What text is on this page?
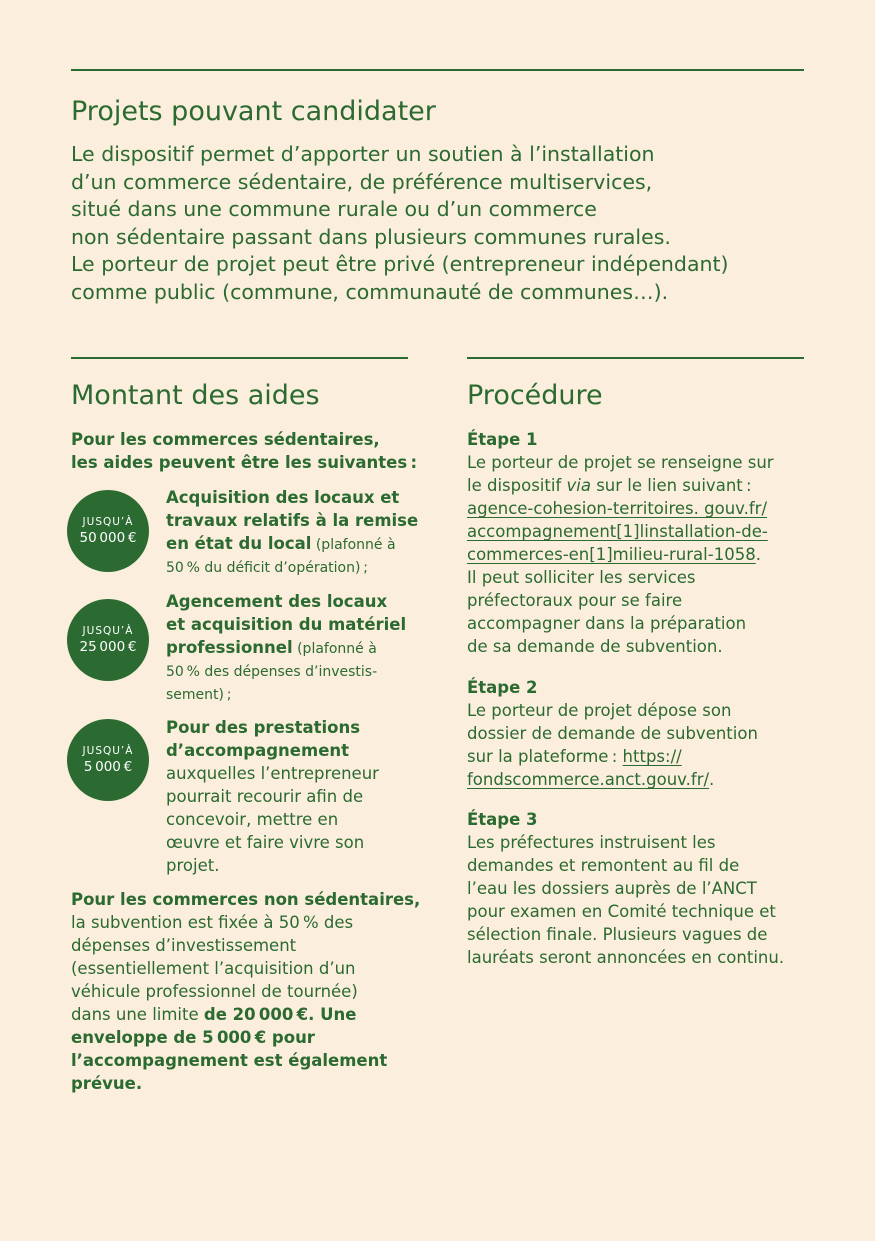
Projets pouvant candidater

Le dispositif permet d’apporter un soutien à l’installation
d’un commerce sédentaire, de préférence multiservices,
situé dans une commune rurale ou d’un commerce
non sédentaire passant dans plusieurs communes rurales.
Le porteur de projet peut être privé (entrepreneur indépendant)
comme public (commune, communauté de communes…).

Montant des aides

Pour les commerces sédentaires,
les aides peuvent être les suivantes :

JUSQU’À
50 000 €

Acquisition des locaux et
travaux relatifs à la remise
en état du local (plafonné à
50 % du déficit d’opération) ;

JUSQU’À
25 000 €

Agencement des locaux
et acquisition du matériel
professionnel (plafonné à
50 % des dépenses d’investis-
sement) ;

JUSQU’À
5 000 €

Pour des prestations
d’accompagnement
auxquelles l’entrepreneur
pourrait recourir afin de
concevoir, mettre en
œuvre et faire vivre son
projet.

Pour les commerces non sédentaires,
la subvention est fixée à 50 % des
dépenses d’investissement
(essentiellement l’acquisition d’un
véhicule professionnel de tournée)
dans une limite de 20 000 €. Une
enveloppe de 5 000 € pour
l’accompagnement est également
prévue.

Procédure

Étape 1
Le porteur de projet se renseigne sur
le dispositif via sur le lien suivant :
agence-cohesion-territoires. gouv.fr/
accompagnement[1]linstallation-de-
commerces-en[1]milieu-rural-1058.
Il peut solliciter les services
préfectoraux pour se faire
accompagner dans la préparation
de sa demande de subvention.

Étape 2
Le porteur de projet dépose son
dossier de demande de subvention
sur la plateforme : https://
fondscommerce.anct.gouv.fr/.

Étape 3
Les préfectures instruisent les
demandes et remontent au fil de
l’eau les dossiers auprès de l’ANCT
pour examen en Comité technique et
sélection finale. Plusieurs vagues de
lauréats seront annoncées en continu.
